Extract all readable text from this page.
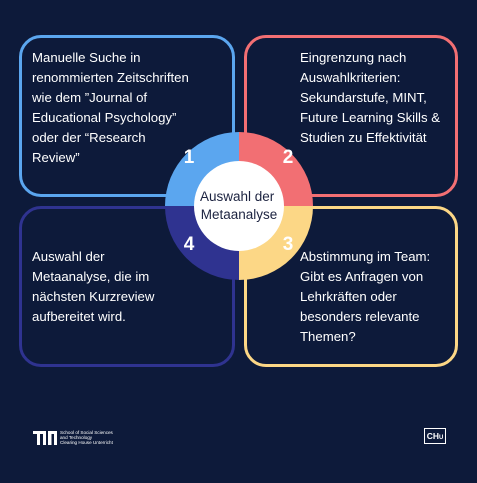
Manuelle Suche in
renommierten Zeitschriften
wie dem ”Journal of
Educational Psychology”
oder der “Research
Review”

Eingrenzung nach
Auswahlkriterien:
Sekundarstufe, MINT,
Future Learning Skills &
Studien zu Effektivität

Auswahl der
Metaanalyse, die im
nächsten Kurzreview
aufbereitet wird.

Abstimmung im Team:
Gibt es Anfragen von
Lehrkräften oder
besonders relevante
Themen?

1	2
4	3
Auswahl der Metaanalyse
School of Social Sciences
and Technology
Clearing House Unterricht
CHU
